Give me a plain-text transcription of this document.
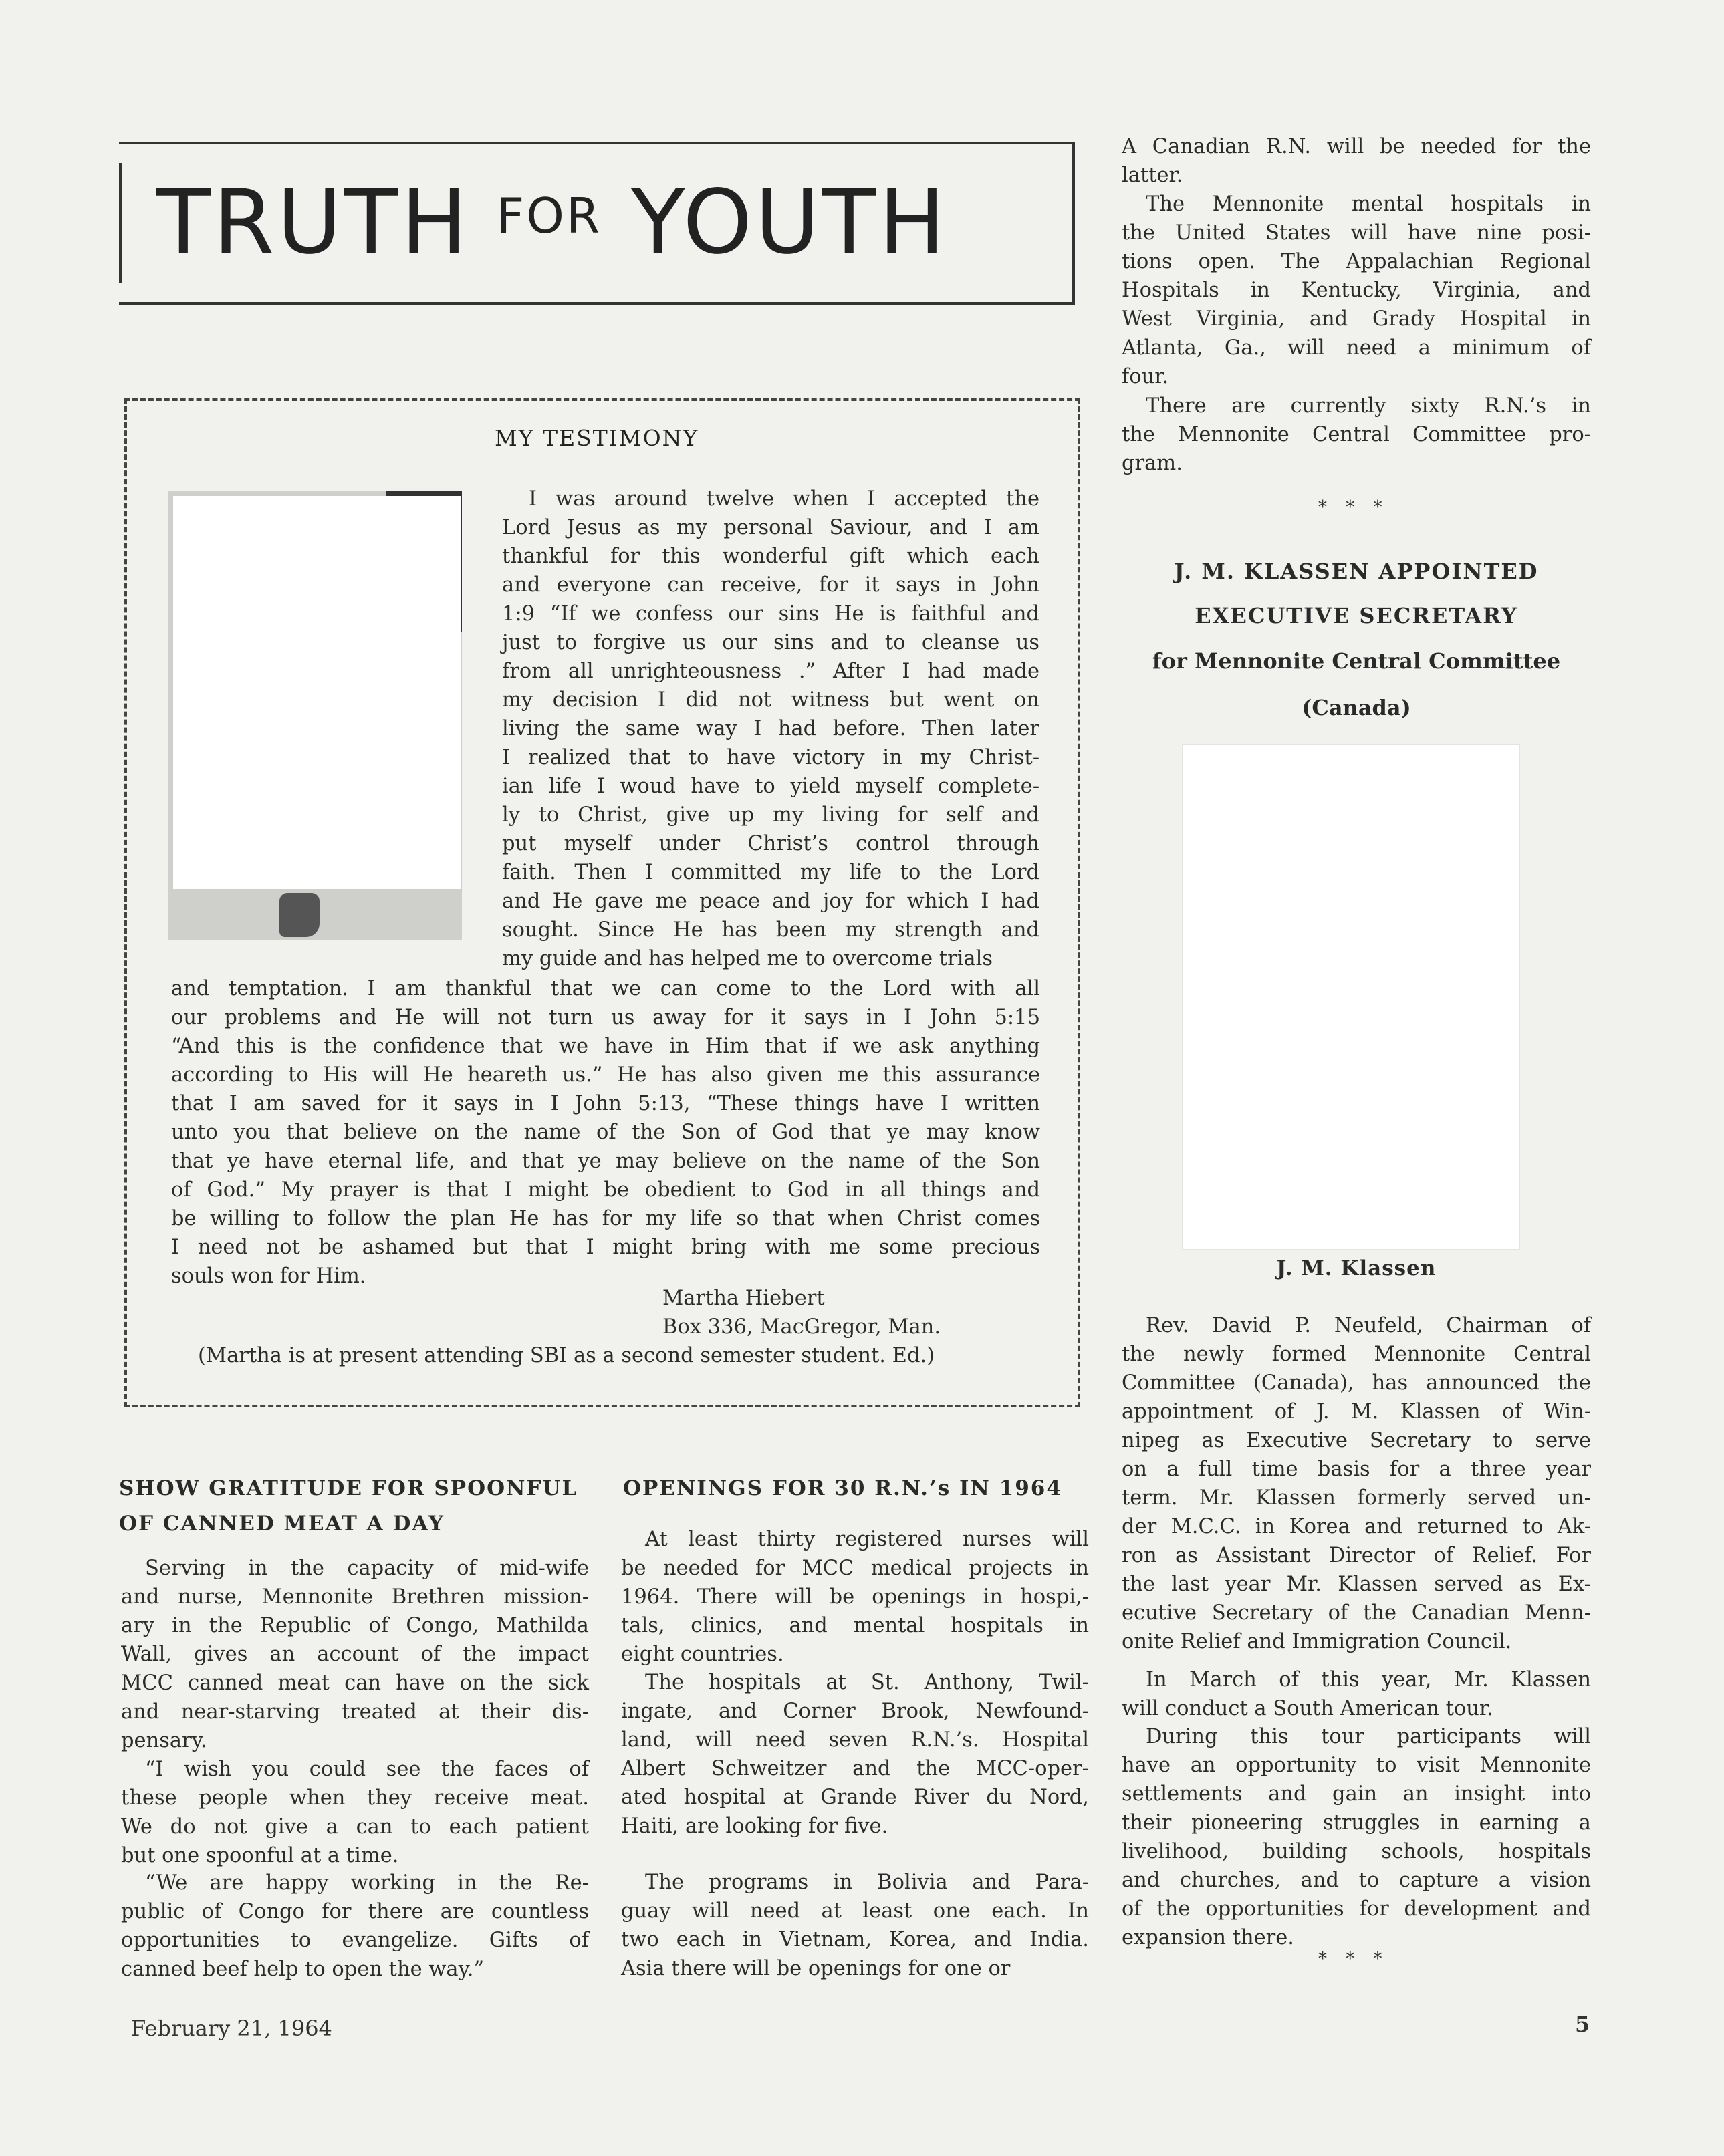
TRUTH FOR YOUTH
MY TESTIMONY
I was around twelve when I accepted the
Lord Jesus as my personal Saviour, and I am
thankful for this wonderful gift which each
and everyone can receive, for it says in John
1:9 “If we confess our sins He is faithful and
just to forgive us our sins and to cleanse us
from all unrighteousness .” After I had made
my decision I did not witness but went on
living the same way I had before. Then later
I realized that to have victory in my Christ-
ian life I woud have to yield myself complete-
ly to Christ, give up my living for self and
put myself under Christ’s control through
faith. Then I committed my life to the Lord
and He gave me peace and joy for which I had
sought. Since He has been my strength and
my guide and has helped me to overcome trials
and temptation. I am thankful that we can come to the Lord with all
our problems and He will not turn us away for it says in I John 5:15
“And this is the confidence that we have in Him that if we ask anything
according to His will He heareth us.” He has also given me this assurance
that I am saved for it says in I John 5:13, “These things have I written
unto you that believe on the name of the Son of God that ye may know
that ye have eternal life, and that ye may believe on the name of the Son
of God.” My prayer is that I might be obedient to God in all things and
be willing to follow the plan He has for my life so that when Christ comes
I need not be ashamed but that I might bring with me some precious
souls won for Him.
Martha Hiebert
Box 336, MacGregor, Man.
(Martha is at present attending SBI as a second semester student. Ed.)
SHOW GRATITUDE FOR SPOONFUL
OF CANNED MEAT A DAY
Serving in the capacity of mid-wife
and nurse, Mennonite Brethren mission-
ary in the Republic of Congo, Mathilda
Wall, gives an account of the impact
MCC canned meat can have on the sick
and near-starving treated at their dis-
pensary.
“I wish you could see the faces of
these people when they receive meat.
We do not give a can to each patient
but one spoonful at a time.
“We are happy working in the Re-
public of Congo for there are countless
opportunities to evangelize. Gifts of
canned beef help to open the way.”
OPENINGS FOR 30 R.N.’s IN 1964
At least thirty registered nurses will
be needed for MCC medical projects in
1964. There will be openings in hospi,-
tals, clinics, and mental hospitals in
eight countries.
The hospitals at St. Anthony, Twil-
ingate, and Corner Brook, Newfound-
land, will need seven R.N.’s. Hospital
Albert Schweitzer and the MCC-oper-
ated hospital at Grande River du Nord,
Haiti, are looking for five.
The programs in Bolivia and Para-
guay will need at least one each. In
two each in Vietnam, Korea, and India.
Asia there will be openings for one or
A Canadian R.N. will be needed for the
latter.
The Mennonite mental hospitals in
the United States will have nine posi-
tions open. The Appalachian Regional
Hospitals in Kentucky, Virginia, and
West Virginia, and Grady Hospital in
Atlanta, Ga., will need a minimum of
four.
There are currently sixty R.N.’s in
the Mennonite Central Committee pro-
gram.
* * *
J. M. KLASSEN APPOINTED
EXECUTIVE SECRETARY
for Mennonite Central Committee
(Canada)
J. M. Klassen
Rev. David P. Neufeld, Chairman of
the newly formed Mennonite Central
Committee (Canada), has announced the
appointment of J. M. Klassen of Win-
nipeg as Executive Secretary to serve
on a full time basis for a three year
term. Mr. Klassen formerly served un-
der M.C.C. in Korea and returned to Ak-
ron as Assistant Director of Relief. For
the last year Mr. Klassen served as Ex-
ecutive Secretary of the Canadian Menn-
onite Relief and Immigration Council.
In March of this year, Mr. Klassen
will conduct a South American tour.
During this tour participants will
have an opportunity to visit Mennonite
settlements and gain an insight into
their pioneering struggles in earning a
livelihood, building schools, hospitals
and churches, and to capture a vision
of the opportunities for development and
expansion there.
* * *
February 21, 1964	5
